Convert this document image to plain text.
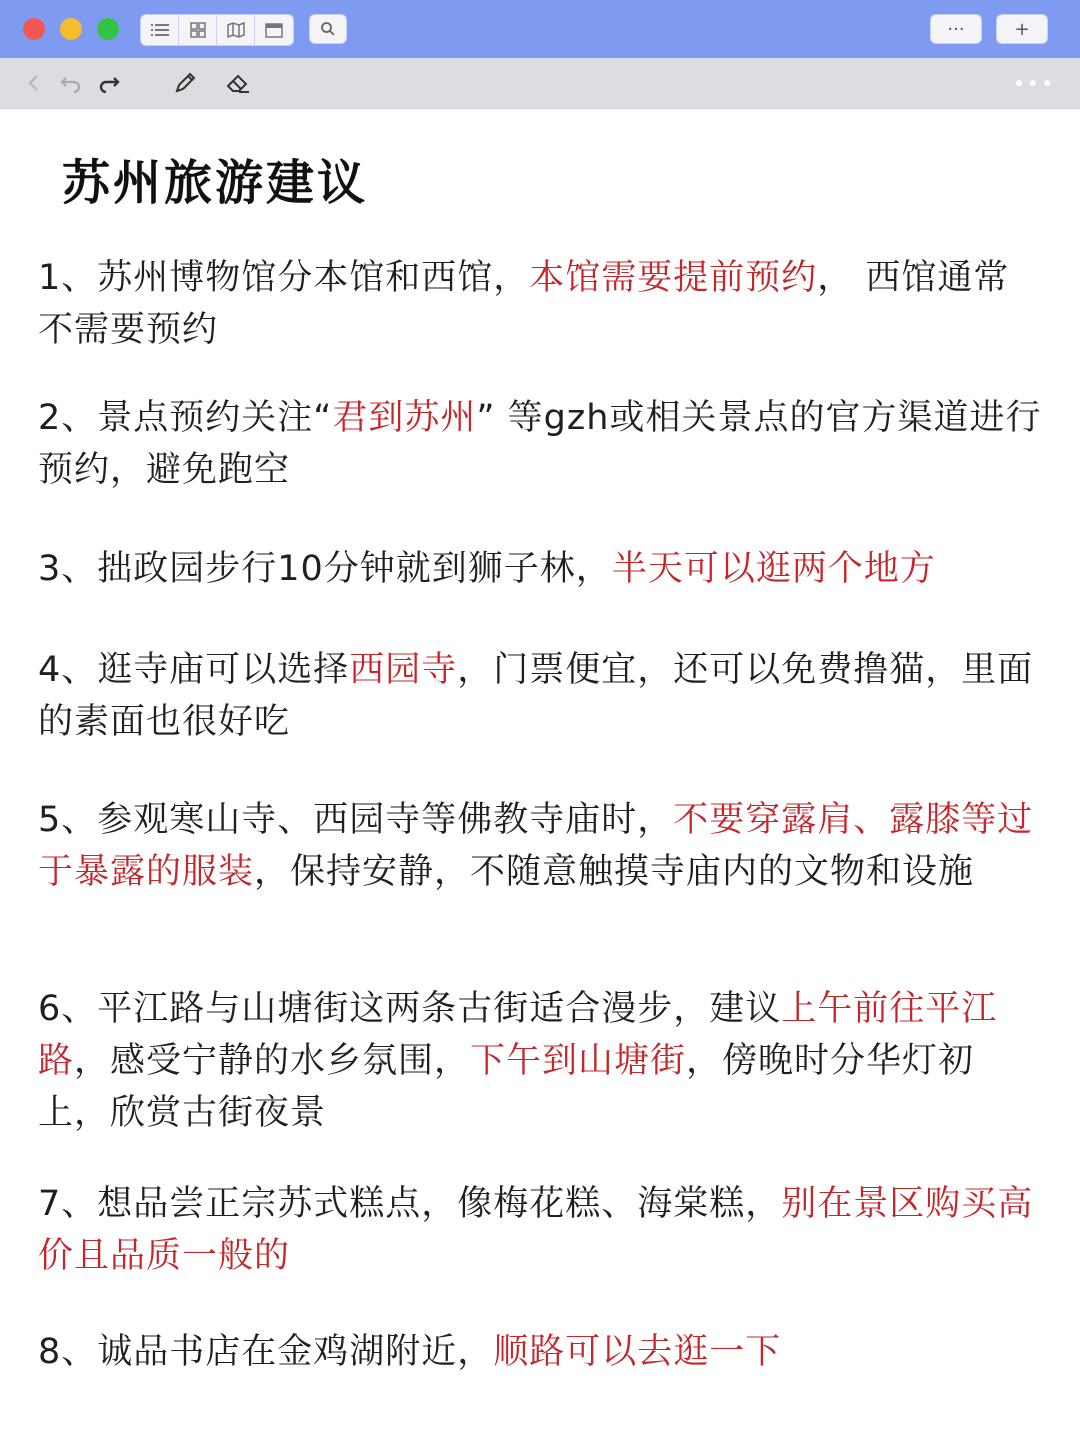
···	+
苏州旅游建议

1、苏州博物馆分本馆和西馆，本馆需要提前预约， 西馆通常不需要预约

2、景点预约关注“君到苏州” 等gzh或相关景点的官方渠道进行预约，避免跑空

3、拙政园步行10分钟就到狮子林，半天可以逛两个地方

4、逛寺庙可以选择西园寺，门票便宜，还可以免费撸猫，里面的素面也很好吃

5、参观寒山寺、西园寺等佛教寺庙时，不要穿露肩、露膝等过于暴露的服装，保持安静，不随意触摸寺庙内的文物和设施

6、平江路与山塘街这两条古街适合漫步，建议上午前往平江路，感受宁静的水乡氛围，下午到山塘街，傍晚时分华灯初上，欣赏古街夜景

7、想品尝正宗苏式糕点，像梅花糕、海棠糕，别在景区购买高价且品质一般的

8、诚品书店在金鸡湖附近，顺路可以去逛一下
